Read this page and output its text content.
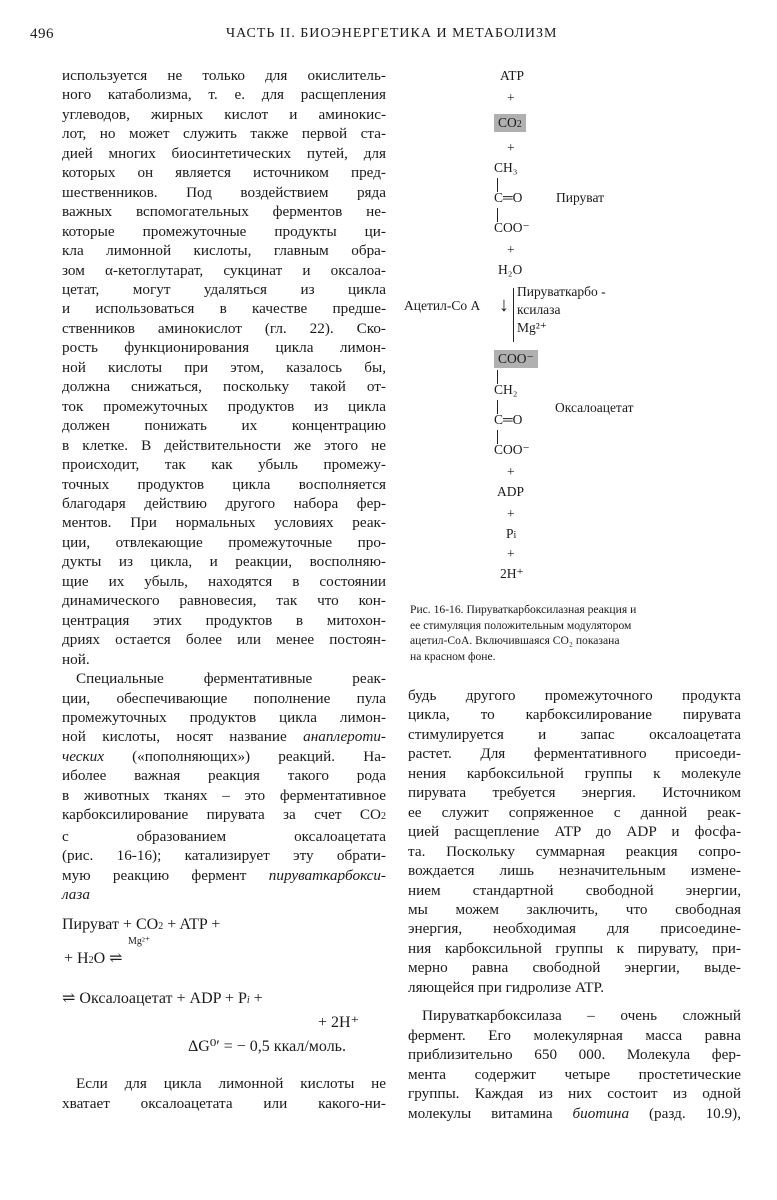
496	ЧАСТЬ II. БИОЭНЕРГЕТИКА И МЕТАБОЛИЗМ

используется не только для окислитель-

ного катаболизма, т. е. для расщепления

углеводов, жирных кислот и аминокис-

лот, но может служить также первой ста-

дией многих биосинтетических путей, для

которых он является источником пред-

шественников. Под воздействием ряда

важных вспомогательных ферментов не-

которые промежуточные продукты ци-

кла лимонной кислоты, главным обра-

зом α-кетоглутарат, сукцинат и оксалоа-

цетат, могут удаляться из цикла

и использоваться в качестве предше-

ственников аминокислот (гл. 22). Ско-

рость функционирования цикла лимон-

ной кислоты при этом, казалось бы,

должна снижаться, поскольку такой от-

ток промежуточных продуктов из цикла

должен понижать их концентрацию

в клетке. В действительности же этого не

происходит, так как убыль промежу-

точных продуктов цикла восполняется

благодаря действию другого набора фер-

ментов. При нормальных условиях реак-

ции, отвлекающие промежуточные про-

дукты из цикла, и реакции, восполняю-

щие их убыль, находятся в состоянии

динамического равновесия, так что кон-

центрация этих продуктов в митохон-

дриях остается более или менее постоян-

ной.

Специальные ферментативные реак-

ции, обеспечивающие пополнение пула

промежуточных продуктов цикла лимон-

ной кислоты, носят название анаплероти-

ческих («пополняющих») реакций. На-

иболее важная реакция такого рода

в животных тканях – это ферментативное

карбоксилирование пирувата за счет CO2

с образованием оксалоацетата

(рис. 16-16); катализирует эту обрати-

мую реакцию фермент пируваткарбокси-

лаза

Пируват + CO2 + ATP +
Mg²⁺
+ H2O ⇌
⇌ Оксалоацетат + ADP + Pi +
+ 2H⁺
ΔG⁰′ = − 0,5 ккал/моль.

Если для цикла лимонной кислоты не

хватает оксалоацетата или какого-ни-

ATP
+
CO2
+
CH₃
C═O Пируват
COO⁻
+
H₂O
Ацетил-Со А ↓
Пируваткарбо -
ксилаза
Mg²⁺
COO⁻
CH₂
Оксалоацетат
C═O
COO⁻
+
ADP
+
Pi
+
2H⁺

Рис. 16-16. Пируваткарбоксилазная реакция и

ее стимуляция положительным модулятором

ацетил-СоА. Включившаяся CO₂ показана

на красном фоне.

будь другого промежуточного продукта

цикла, то карбоксилирование пирувата

стимулируется и запас оксалоацетата

растет. Для ферментативного присоеди-

нения карбоксильной группы к молекуле

пирувата требуется энергия. Источником

ее служит сопряженное с данной реак-

цией расщепление ATP до ADP и фосфа-

та. Поскольку суммарная реакция сопро-

вождается лишь незначительным измене-

нием стандартной свободной энергии,

мы можем заключить, что свободная

энергия, необходимая для присоедине-

ния карбоксильной группы к пирувату, при-

мерно равна свободной энергии, выде-

ляющейся при гидролизе ATP.

Пируваткарбоксилаза – очень сложный

фермент. Его молекулярная масса равна

приблизительно 650 000. Молекула фер-

мента содержит четыре простетические

группы. Каждая из них состоит из одной

молекулы витамина биотина (разд. 10.9),
